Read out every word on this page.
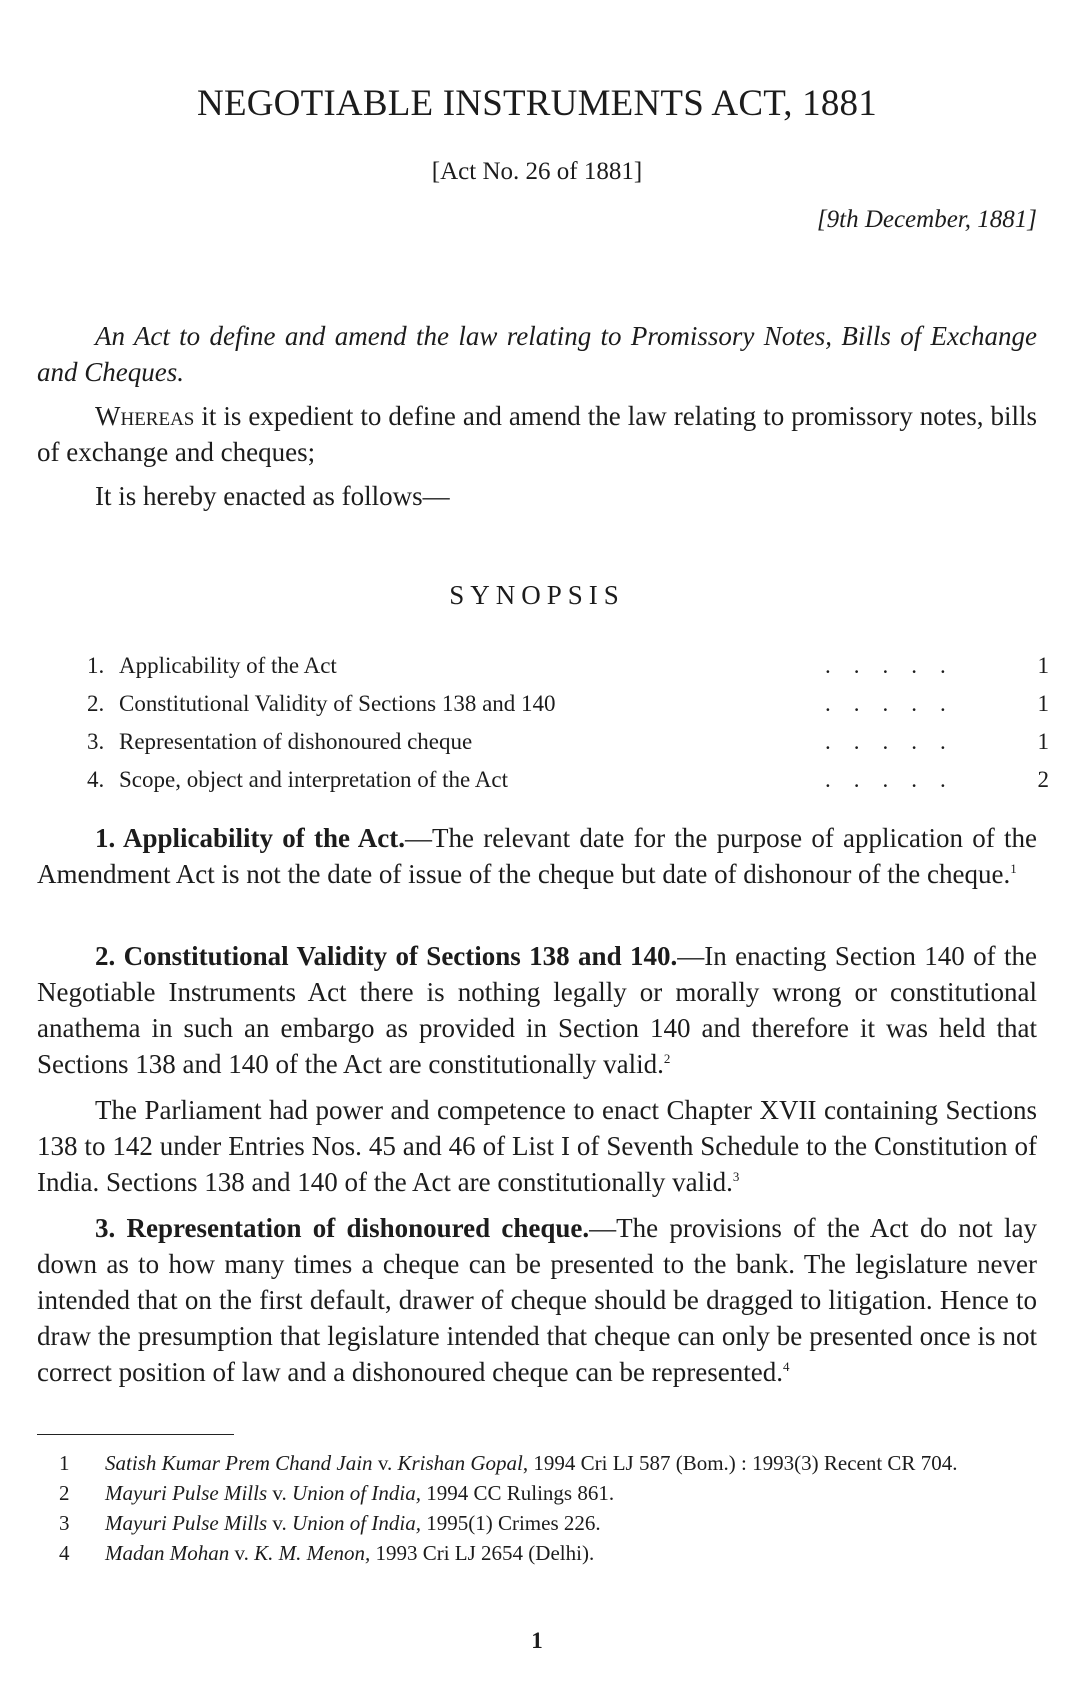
NEGOTIABLE INSTRUMENTS ACT, 1881
[Act No. 26 of 1881]
[9th December, 1881]
An Act to define and amend the law relating to Promissory Notes, Bills of Exchange and Cheques.
Whereas it is expedient to define and amend the law relating to promissory notes, bills of exchange and cheques;
It is hereby enacted as follows—
SYNOPSIS
1. Applicability of the Act	.....	1
2. Constitutional Validity of Sections 138 and 140	.....	1
3. Representation of dishonoured cheque	.....	1
4. Scope, object and interpretation of the Act	.....	2
1. Applicability of the Act.—The relevant date for the purpose of application of the Amendment Act is not the date of issue of the cheque but date of dishonour of the cheque.$^1$
2. Constitutional Validity of Sections 138 and 140.—In enacting Section 140 of the Negotiable Instruments Act there is nothing legally or morally wrong or constitutional anathema in such an embargo as provided in Section 140 and therefore it was held that Sections 138 and 140 of the Act are constitutionally valid.$^2$
The Parliament had power and competence to enact Chapter XVII containing Sections 138 to 142 under Entries Nos. 45 and 46 of List I of Seventh Schedule to the Constitution of India. Sections 138 and 140 of the Act are constitutionally valid.$^3$
3. Representation of dishonoured cheque.—The provisions of the Act do not lay down as to how many times a cheque can be presented to the bank. The legislature never intended that on the first default, drawer of cheque should be dragged to litigation. Hence to draw the presumption that legislature intended that cheque can only be presented once is not correct position of law and a dishonoured cheque can be represented.$^4$
1 Satish Kumar Prem Chand Jain v. Krishan Gopal, 1994 Cri LJ 587 (Bom.) : 1993(3) Recent CR 704.
2 Mayuri Pulse Mills v. Union of India, 1994 CC Rulings 861.
3 Mayuri Pulse Mills v. Union of India, 1995(1) Crimes 226.
4 Madan Mohan v. K. M. Menon, 1993 Cri LJ 2654 (Delhi).
1
